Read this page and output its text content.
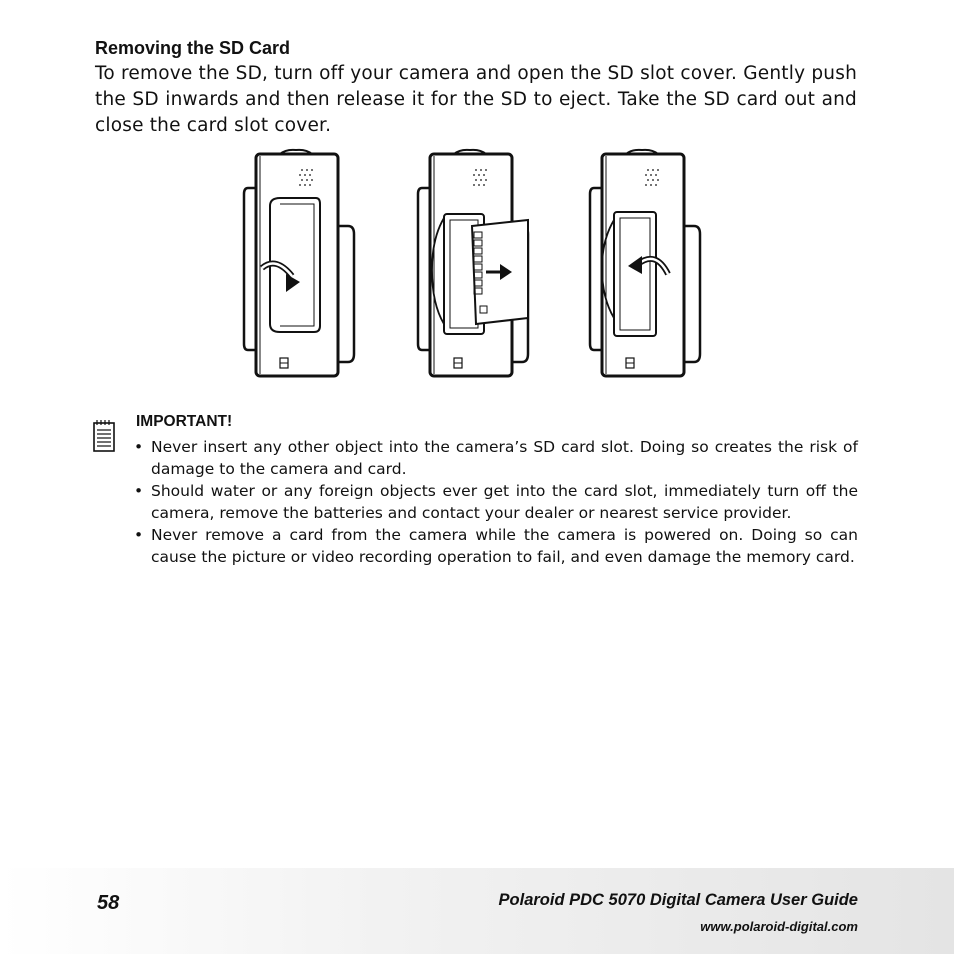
Removing the SD Card
To remove the SD, turn off your camera and open the SD slot cover. Gently push the SD inwards and then release it for the SD to eject. Take the SD card out and close the card slot cover.
IMPORTANT!
• Never insert any other object into the camera’s SD card slot. Doing so creates the risk of damage to the camera and card.
• Should water or any foreign objects ever get into the card slot, immediately turn off the camera, remove the batteries and contact your dealer or nearest service provider.
• Never remove a card from the camera while the camera is powered on. Doing so can cause the picture or video recording operation to fail, and even damage the memory card.
58	Polaroid PDC 5070 Digital Camera User Guide
www.polaroid-digital.com
